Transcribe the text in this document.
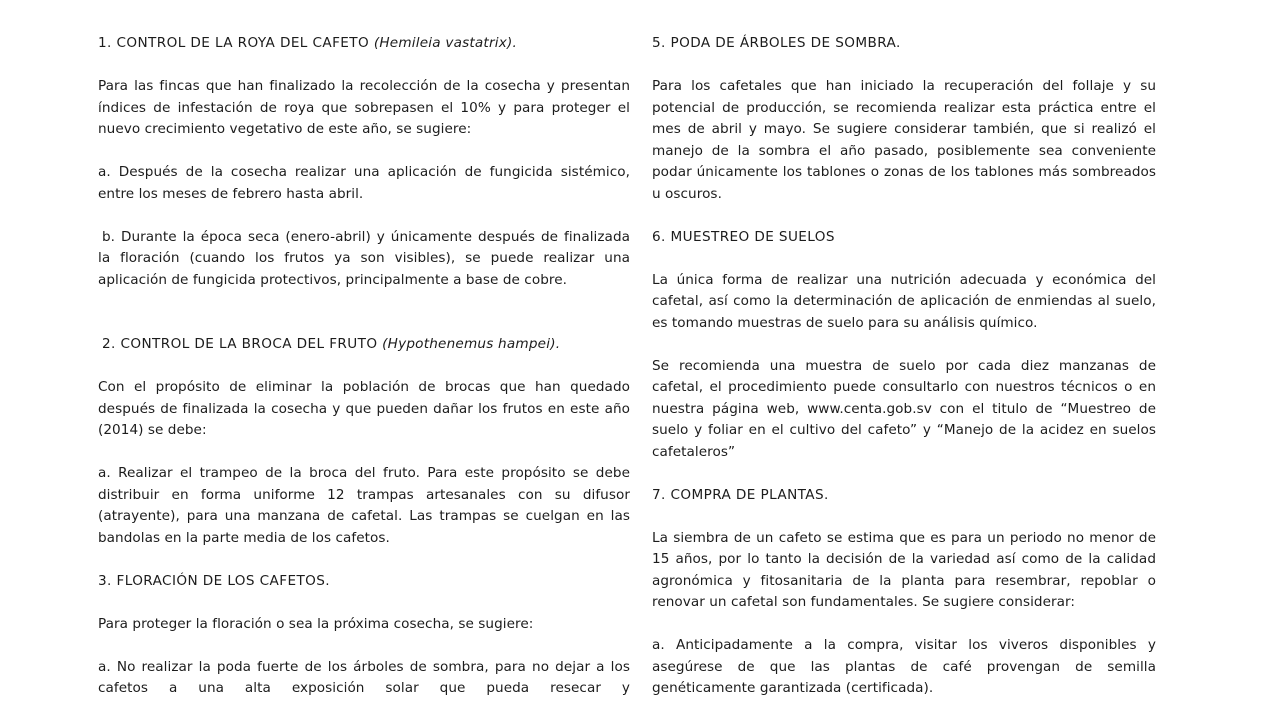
1. CONTROL DE LA ROYA DEL CAFETO (Hemileia vastatrix).

Para las fincas que han finalizado la recolección de la cosecha y presentan índices de infestación de roya que sobrepasen el 10% y para proteger el nuevo crecimiento vegetativo de este año, se sugiere:

a. Después de la cosecha realizar una aplicación de fungicida sistémico, entre los meses de febrero hasta abril.

b. Durante la época seca (enero-abril) y únicamente después de finalizada la floración (cuando los frutos ya son visibles), se puede realizar una aplicación de fungicida protectivos, principalmente a base de cobre.

2. CONTROL DE LA BROCA DEL FRUTO (Hypothenemus hampei).

Con el propósito de eliminar la población de brocas que han quedado después de finalizada la cosecha y que pueden dañar los frutos en este año (2014) se debe:

a. Realizar el trampeo de la broca del fruto. Para este propósito se debe distribuir en forma uniforme 12 trampas artesanales con su difusor (atrayente), para una manzana de cafetal. Las trampas se cuelgan en las bandolas en la parte media de los cafetos.

3. FLORACIÓN DE LOS CAFETOS.

Para proteger la floración o sea la próxima cosecha, se sugiere:

a. No realizar la poda fuerte de los árboles de sombra, para no dejar a los cafetos a una alta exposición solar que pueda resecar y

5. PODA DE ÁRBOLES DE SOMBRA.

Para los cafetales que han iniciado la recuperación del follaje y su potencial de producción, se recomienda realizar esta práctica entre el mes de abril y mayo. Se sugiere considerar también, que si realizó el manejo de la sombra el año pasado, posiblemente sea conveniente podar únicamente los tablones o zonas de los tablones más sombreados u oscuros.

6. MUESTREO DE SUELOS

La única forma de realizar una nutrición adecuada y económica del cafetal, así como la determinación de aplicación de enmiendas al suelo, es tomando muestras de suelo para su análisis químico.

Se recomienda una muestra de suelo por cada diez manzanas de cafetal, el procedimiento puede consultarlo con nuestros técnicos o en nuestra página web, www.centa.gob.sv con el titulo de “Muestreo de suelo y foliar en el cultivo del cafeto” y “Manejo de la acidez en suelos cafetaleros”

7. COMPRA DE PLANTAS.

La siembra de un cafeto se estima que es para un periodo no menor de 15 años, por lo tanto la decisión de la variedad así como de la calidad agronómica y fitosanitaria de la planta para resembrar, repoblar o renovar un cafetal son fundamentales. Se sugiere considerar:

a. Anticipadamente a la compra, visitar los viveros disponibles y asegúrese de que las plantas de café provengan de semilla genéticamente garantizada (certificada).
